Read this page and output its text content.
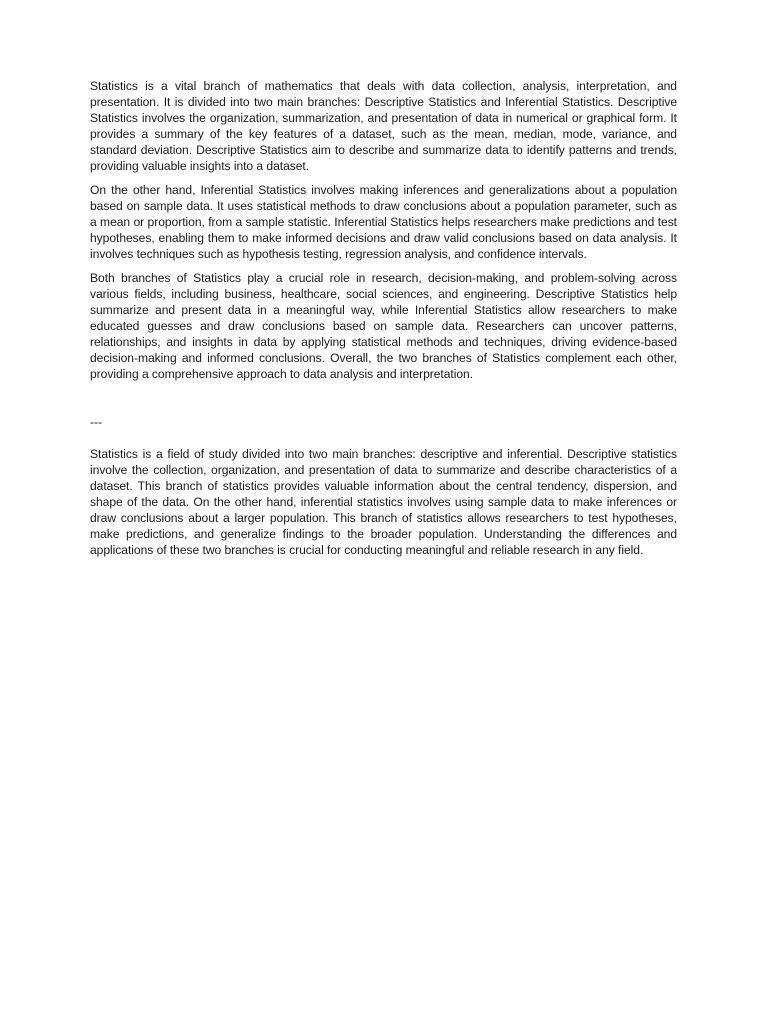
Statistics is a vital branch of mathematics that deals with data collection, analysis, interpretation, and presentation. It is divided into two main branches: Descriptive Statistics and Inferential Statistics. Descriptive Statistics involves the organization, summarization, and presentation of data in numerical or graphical form. It provides a summary of the key features of a dataset, such as the mean, median, mode, variance, and standard deviation. Descriptive Statistics aim to describe and summarize data to identify patterns and trends, providing valuable insights into a dataset.

On the other hand, Inferential Statistics involves making inferences and generalizations about a population based on sample data. It uses statistical methods to draw conclusions about a population parameter, such as a mean or proportion, from a sample statistic. Inferential Statistics helps researchers make predictions and test hypotheses, enabling them to make informed decisions and draw valid conclusions based on data analysis. It involves techniques such as hypothesis testing, regression analysis, and confidence intervals.

Both branches of Statistics play a crucial role in research, decision-making, and problem-solving across various fields, including business, healthcare, social sciences, and engineering. Descriptive Statistics help summarize and present data in a meaningful way, while Inferential Statistics allow researchers to make educated guesses and draw conclusions based on sample data. Researchers can uncover patterns, relationships, and insights in data by applying statistical methods and techniques, driving evidence-based decision-making and informed conclusions. Overall, the two branches of Statistics complement each other, providing a comprehensive approach to data analysis and interpretation.

---

Statistics is a field of study divided into two main branches: descriptive and inferential. Descriptive statistics involve the collection, organization, and presentation of data to summarize and describe characteristics of a dataset. This branch of statistics provides valuable information about the central tendency, dispersion, and shape of the data. On the other hand, inferential statistics involves using sample data to make inferences or draw conclusions about a larger population. This branch of statistics allows researchers to test hypotheses, make predictions, and generalize findings to the broader population. Understanding the differences and applications of these two branches is crucial for conducting meaningful and reliable research in any field.
